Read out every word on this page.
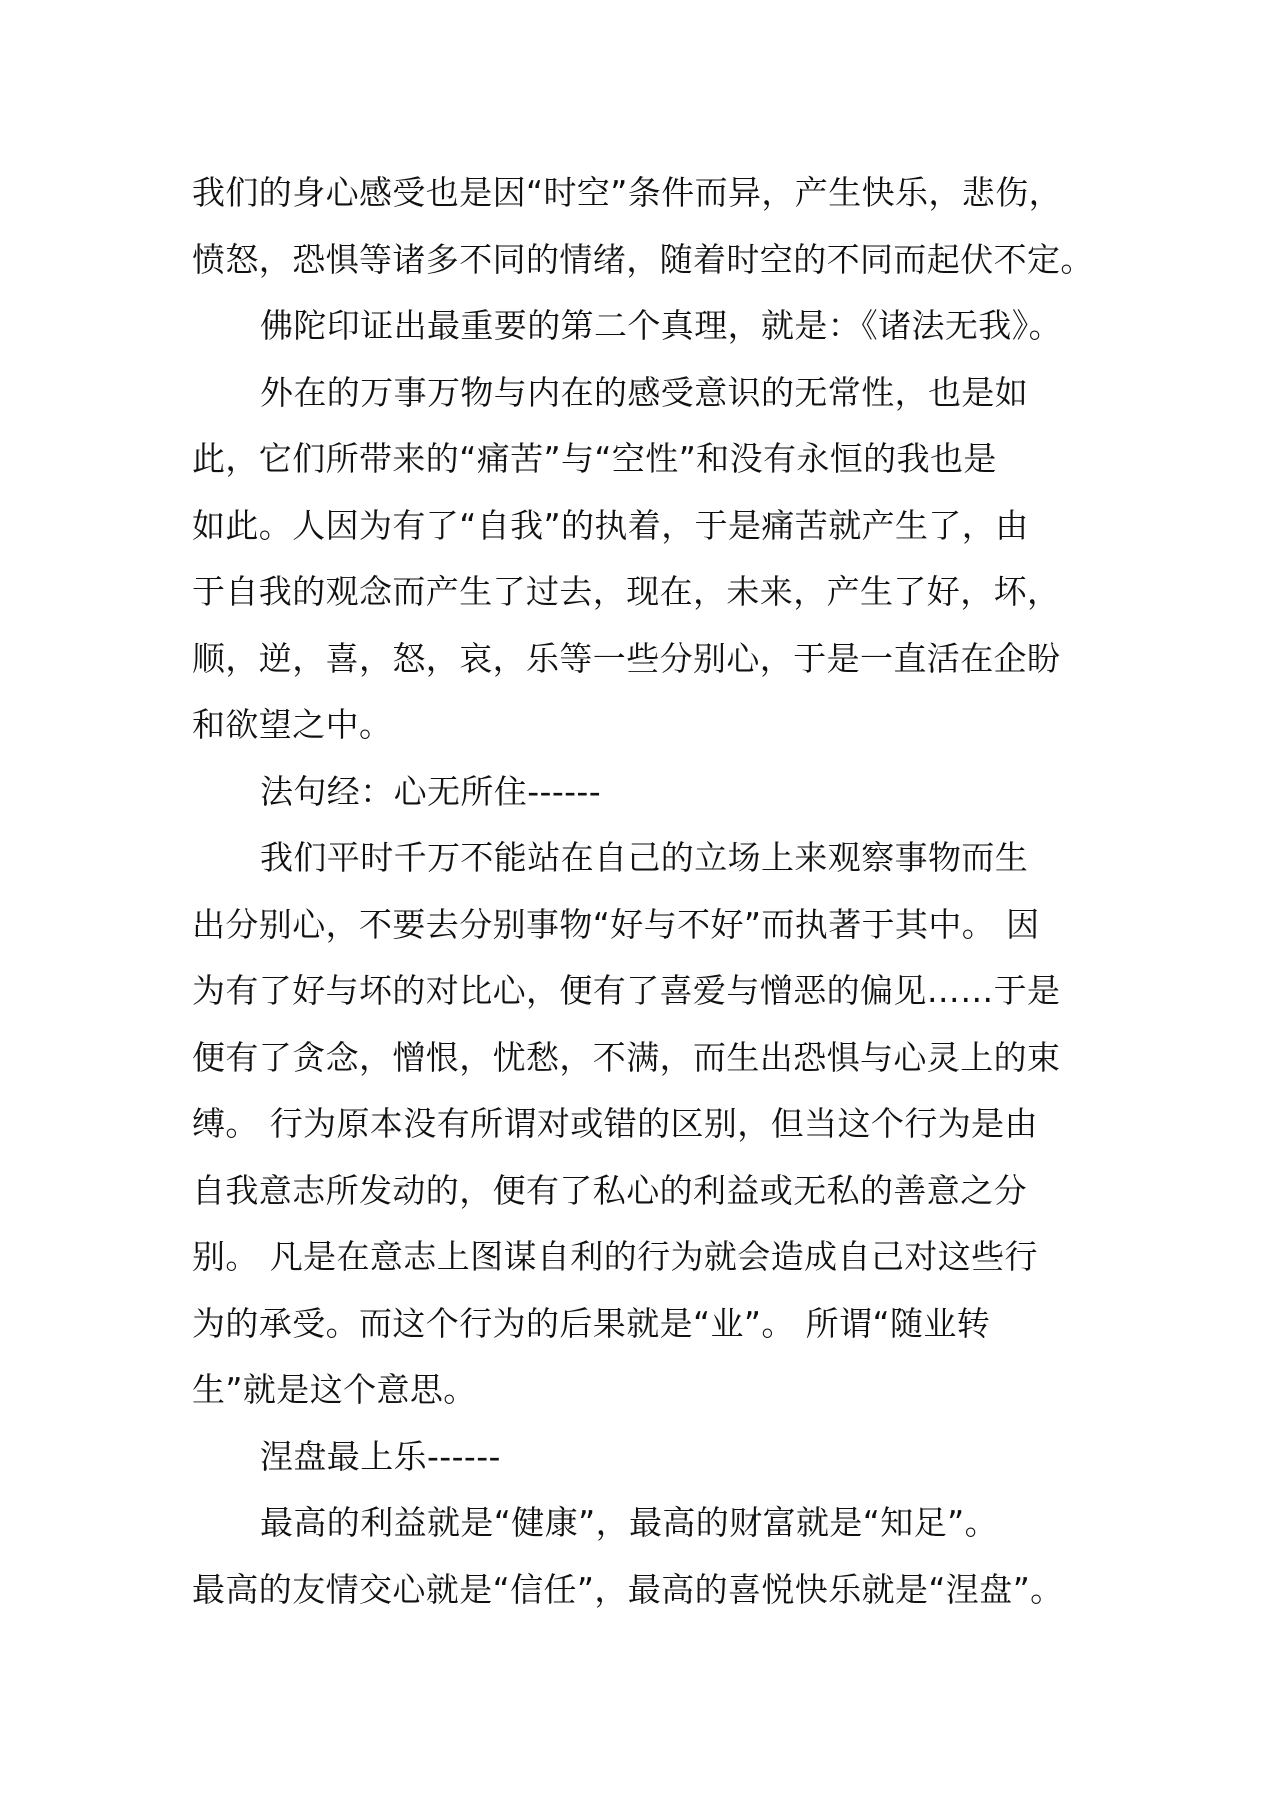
我们的身心感受也是因“时空”条件而异，产生快乐，悲伤，
愤怒，恐惧等诸多不同的情绪，随着时空的不同而起伏不定。
佛陀印证出最重要的第二个真理，就是：《诸法无我》。
外在的万事万物与内在的感受意识的无常性，也是如
此，它们所带来的“痛苦”与“空性”和没有永恒的我也是
如此。人因为有了“自我”的执着，于是痛苦就产生了，由
于自我的观念而产生了过去，现在，未来，产生了好，坏，
顺，逆，喜，怒，哀，乐等一些分别心，于是一直活在企盼
和欲望之中。
法句经：心无所住------
我们平时千万不能站在自己的立场上来观察事物而生
出分别心，不要去分别事物“好与不好”而执著于其中。 因
为有了好与坏的对比心，便有了喜爱与憎恶的偏见……于是
便有了贪念，憎恨，忧愁，不满，而生出恐惧与心灵上的束
缚。 行为原本没有所谓对或错的区别，但当这个行为是由
自我意志所发动的，便有了私心的利益或无私的善意之分
别。 凡是在意志上图谋自利的行为就会造成自己对这些行
为的承受。而这个行为的后果就是“业”。 所谓“随业转
生”就是这个意思。
涅盘最上乐------
最高的利益就是“健康”，最高的财富就是“知足”。
最高的友情交心就是“信任”，最高的喜悦快乐就是“涅盘”。
